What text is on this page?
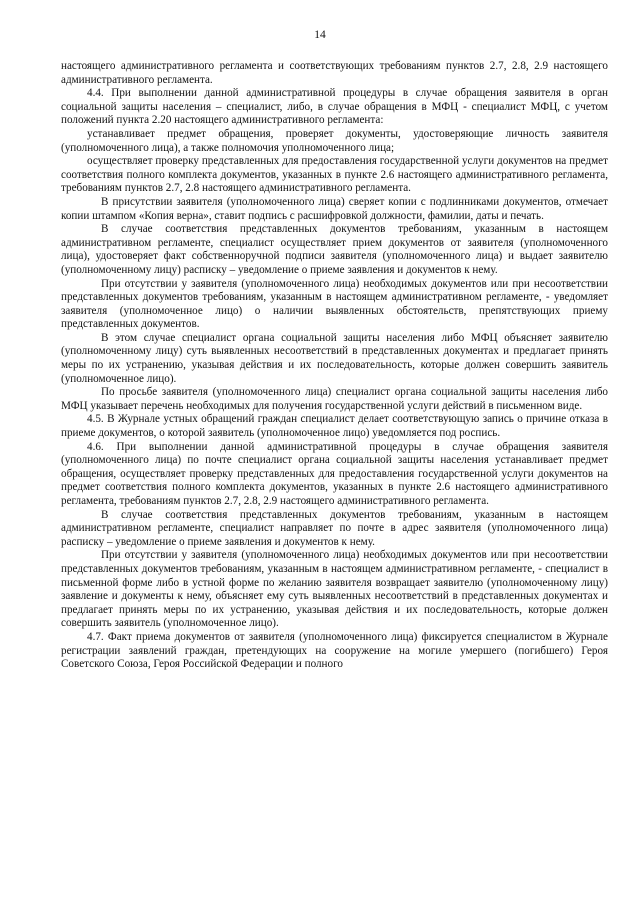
14

настоящего административного регламента и соответствующих требованиям пунктов 2.7, 2.8, 2.9 настоящего административного регламента.

4.4. При выполнении данной административной процедуры в случае обращения заявителя в орган социальной защиты населения – специалист, либо, в случае обращения в МФЦ - специалист МФЦ, с учетом положений пункта 2.20 настоящего административного регламента:

устанавливает предмет обращения, проверяет документы, удостоверяющие личность заявителя (уполномоченного лица), а также полномочия уполномоченного лица;

осуществляет проверку представленных для предоставления государственной услуги документов на предмет соответствия полного комплекта документов, указанных в пункте 2.6 настоящего административного регламента, требованиям пунктов 2.7, 2.8 настоящего административного регламента.

В присутствии заявителя (уполномоченного лица) сверяет копии с подлинниками документов, отмечает копии штампом «Копия верна», ставит подпись с расшифровкой должности, фамилии, даты и печать.

В случае соответствия представленных документов требованиям, указанным в настоящем административном регламенте, специалист осуществляет прием документов от заявителя (уполномоченного лица), удостоверяет факт собственноручной подписи заявителя (уполномоченного лица) и выдает заявителю (уполномоченному лицу) расписку – уведомление о приеме заявления и документов к нему.

При отсутствии у заявителя (уполномоченного лица) необходимых документов или при несоответствии представленных документов требованиям, указанным в настоящем административном регламенте, - уведомляет заявителя (уполномоченное лицо) о наличии выявленных обстоятельств, препятствующих приему представленных документов.

В этом случае специалист органа социальной защиты населения либо МФЦ объясняет заявителю (уполномоченному лицу) суть выявленных несоответствий в представленных документах и предлагает принять меры по их устранению, указывая действия и их последовательность, которые должен совершить заявитель (уполномоченное лицо).

По просьбе заявителя (уполномоченного лица) специалист органа социальной защиты населения либо МФЦ указывает перечень необходимых для получения государственной услуги действий в письменном виде.

4.5. В Журнале устных обращений граждан специалист делает соответствующую запись о причине отказа в приеме документов, о которой заявитель (уполномоченное лицо) уведомляется под роспись.

4.6. При выполнении данной административной процедуры в случае обращения заявителя (уполномоченного лица) по почте специалист органа социальной защиты населения устанавливает предмет обращения, осуществляет проверку представленных для предоставления государственной услуги документов на предмет соответствия полного комплекта документов, указанных в пункте 2.6 настоящего административного регламента, требованиям пунктов 2.7, 2.8, 2.9 настоящего административного регламента.

В случае соответствия представленных документов требованиям, указанным в настоящем административном регламенте, специалист направляет по почте в адрес заявителя (уполномоченного лица) расписку – уведомление о приеме заявления и документов к нему.

При отсутствии у заявителя (уполномоченного лица) необходимых документов или при несоответствии представленных документов требованиям, указанным в настоящем административном регламенте, - специалист в письменной форме либо в устной форме по желанию заявителя возвращает заявителю (уполномоченному лицу) заявление и документы к нему, объясняет ему суть выявленных несоответствий в представленных документах и предлагает принять меры по их устранению, указывая действия и их последовательность, которые должен совершить заявитель (уполномоченное лицо).

4.7. Факт приема документов от заявителя (уполномоченного лица) фиксируется специалистом в Журнале регистрации заявлений граждан, претендующих на сооружение на могиле умершего (погибшего) Героя Советского Союза, Героя Российской Федерации и полного
